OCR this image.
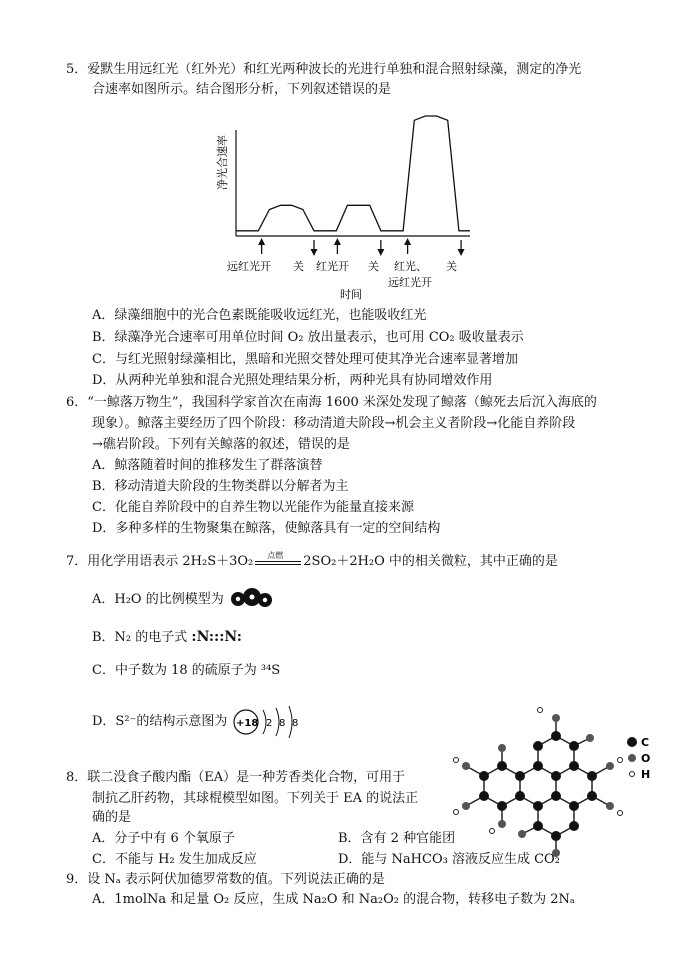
5．爱默生用远红光（红外光）和红光两种波长的光进行单独和混合照射绿藻，测定的净光
合速率如图所示。结合图形分析，下列叙述错误的是
净光合速率
远红光开 关 红光开 关 红光、
远红光开
关
时间
A．绿藻细胞中的光合色素既能吸收远红光，也能吸收红光
B．绿藻净光合速率可用单位时间 O₂ 放出量表示，也可用 CO₂ 吸收量表示
C．与红光照射绿藻相比，黑暗和光照交替处理可使其净光合速率显著增加
D．从两种光单独和混合光照处理结果分析，两种光具有协同增效作用
6．“一鲸落万物生”，我国科学家首次在南海 1600 米深处发现了鲸落（鲸死去后沉入海底的
现象）。鲸落主要经历了四个阶段：移动清道夫阶段→机会主义者阶段→化能自养阶段
→礁岩阶段。下列有关鲸落的叙述，错误的是
A．鲸落随着时间的推移发生了群落演替
B．移动清道夫阶段的生物类群以分解者为主
C．化能自养阶段中的自养生物以光能作为能量直接来源
D．多种多样的生物聚集在鲸落，使鲸落具有一定的空间结构
7．用化学用语表示 2H₂S＋3O₂ 点燃 2SO₂＋2H₂O 中的相关微粒，其中正确的是
A．H₂O 的比例模型为
B．N₂ 的电子式 :N:::N:
C．中子数为 18 的硫原子为 ³⁴S
D．S²⁻的结构示意图为 +18 2 8 8
C
O
H
8．联二没食子酸内酯（EA）是一种芳香类化合物，可用于
制抗乙肝药物，其球棍模型如图。下列关于 EA 的说法正
确的是
A．分子中有 6 个氧原子	B．含有 2 种官能团
C．不能与 H₂ 发生加成反应	D．能与 NaHCO₃ 溶液反应生成 CO₂
9．设 Nₐ 表示阿伏加德罗常数的值。下列说法正确的是
A．1molNa 和足量 O₂ 反应，生成 Na₂O 和 Na₂O₂ 的混合物，转移电子数为 2Nₐ
